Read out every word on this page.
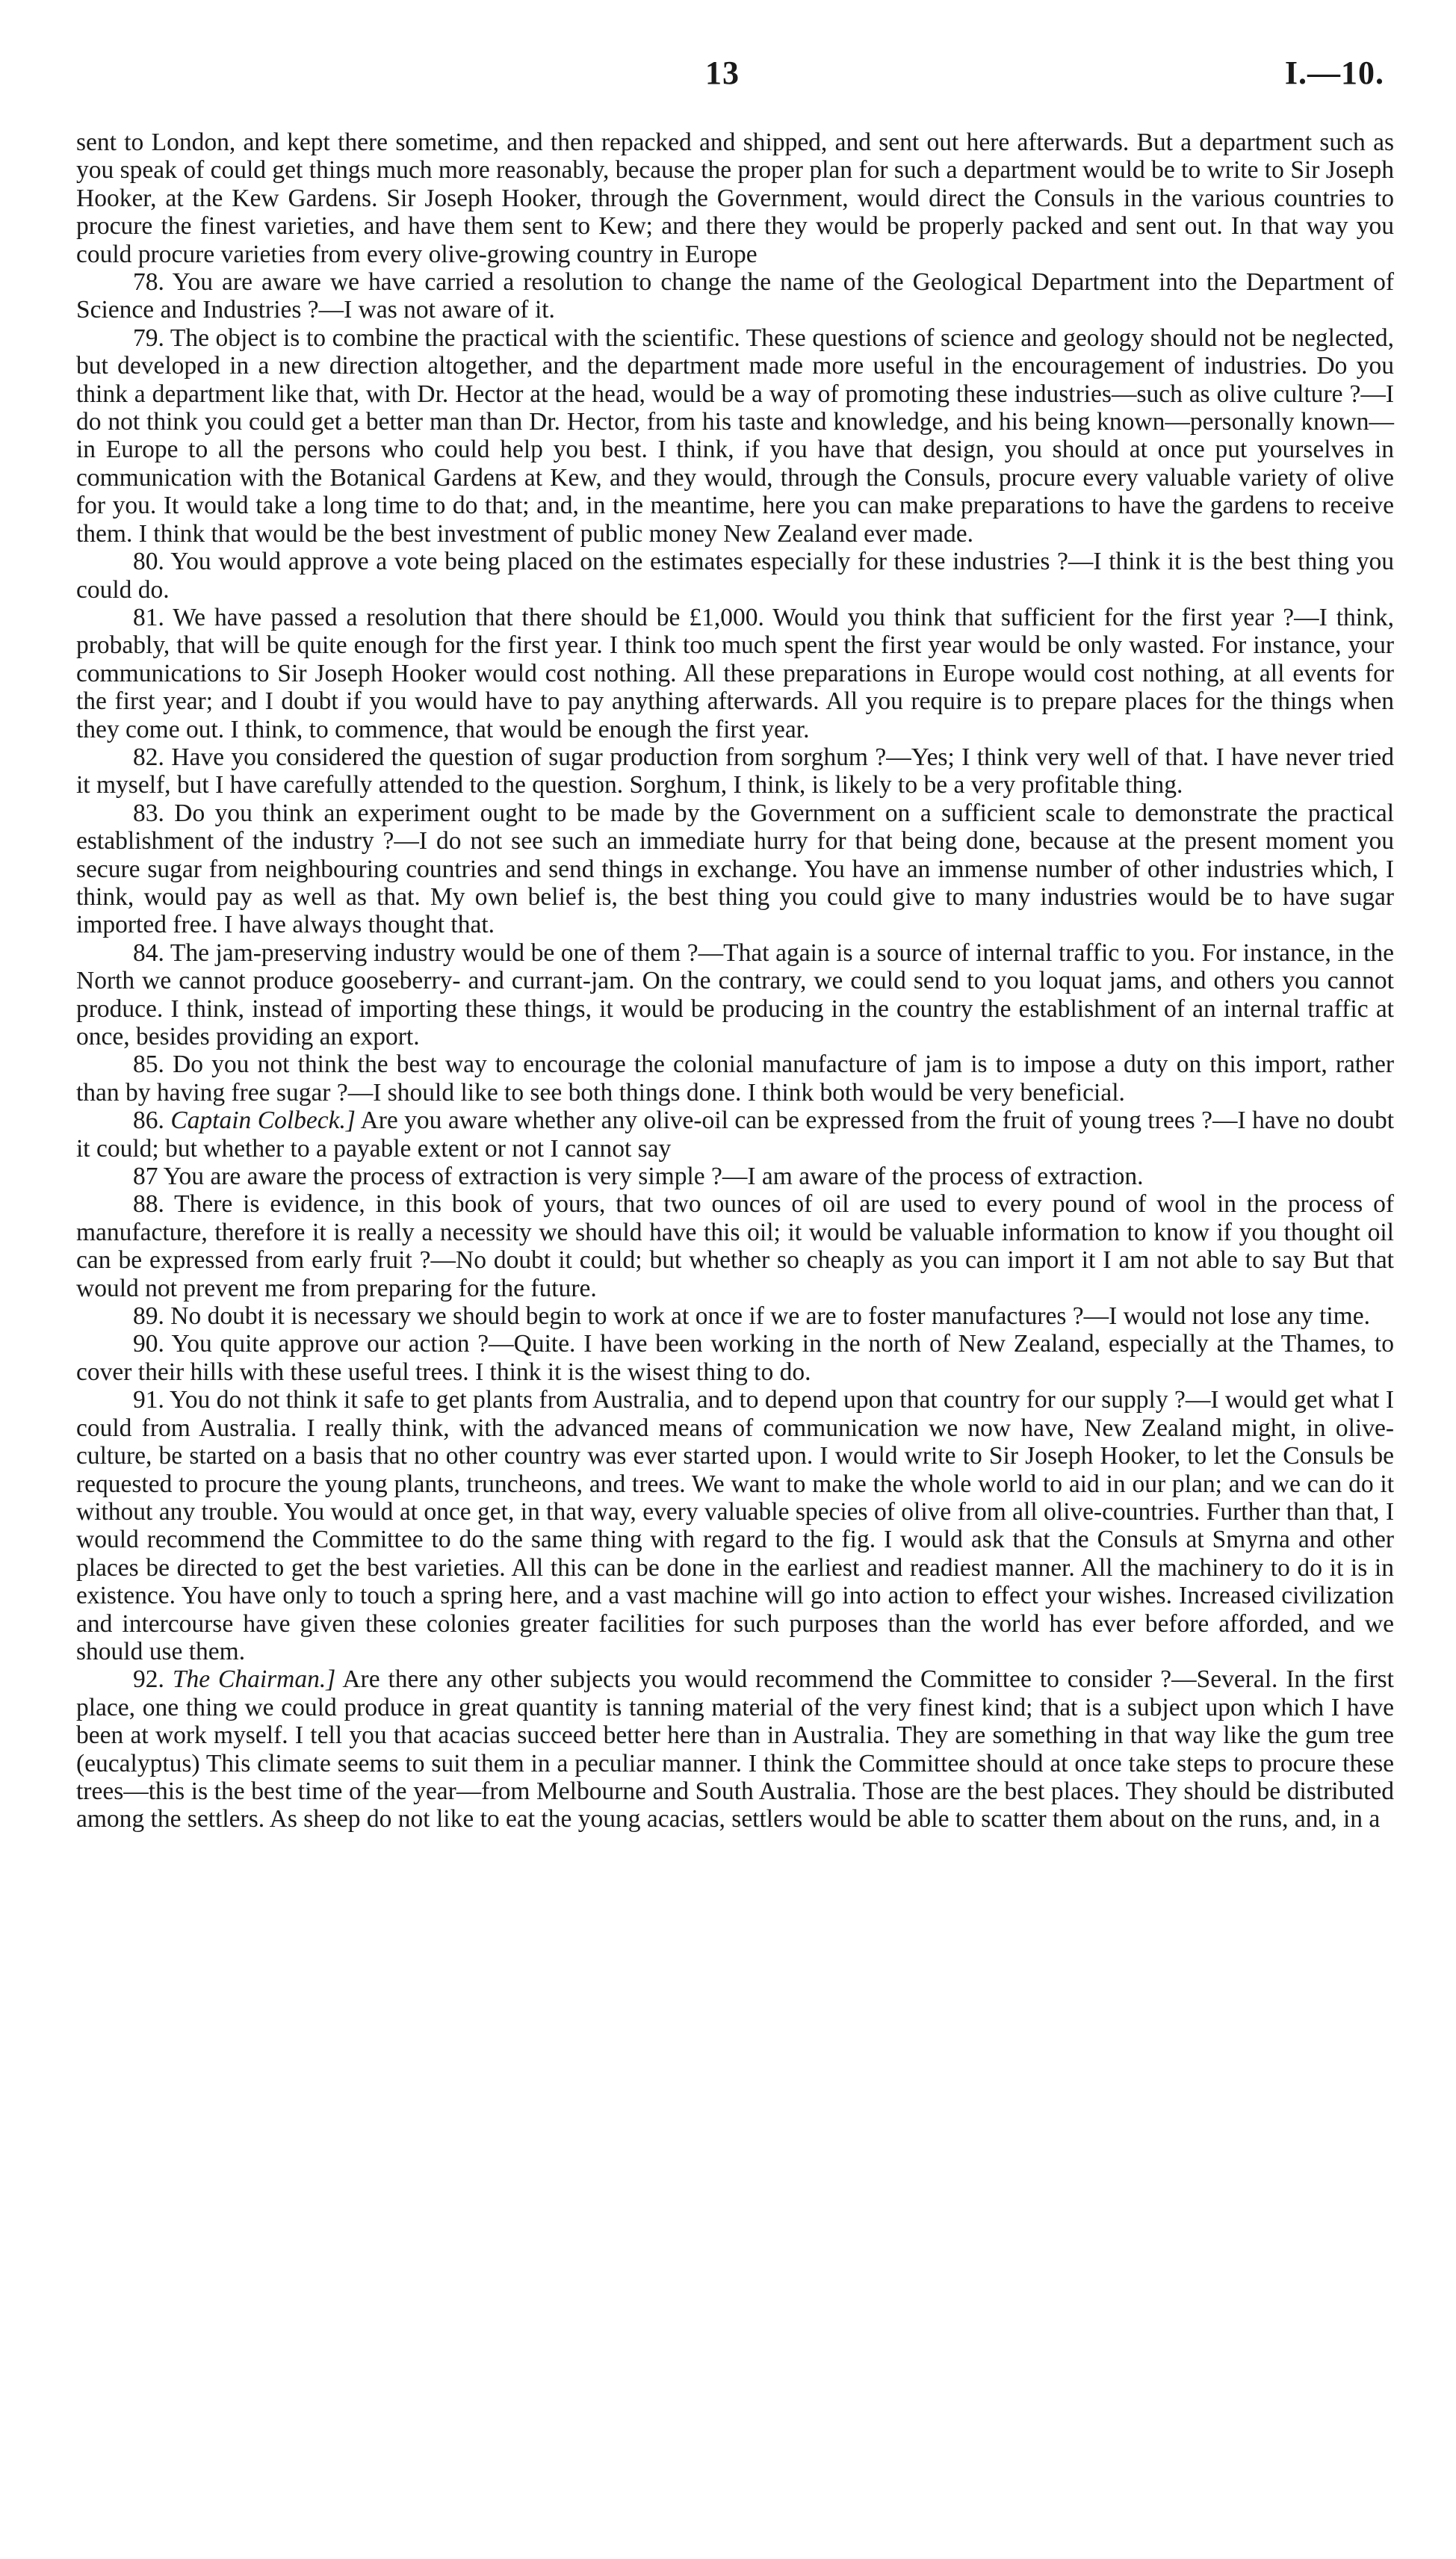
13	I.—10.

sent to London, and kept there sometime, and then repacked and shipped, and sent out here afterwards. But a department such as you speak of could get things much more reasonably, because the proper plan for such a department would be to write to Sir Joseph Hooker, at the Kew Gardens. Sir Joseph Hooker, through the Government, would direct the Consuls in the various countries to procure the finest varieties, and have them sent to Kew; and there they would be properly packed and sent out. In that way you could procure varieties from every olive-growing country in Europe

78. You are aware we have carried a resolution to change the name of the Geological Department into the Department of Science and Industries ?—I was not aware of it.

79. The object is to combine the practical with the scientific. These questions of science and geology should not be neglected, but developed in a new direction altogether, and the department made more useful in the encouragement of industries. Do you think a department like that, with Dr. Hector at the head, would be a way of promoting these industries—such as olive culture ?—I do not think you could get a better man than Dr. Hector, from his taste and knowledge, and his being known—personally known—in Europe to all the persons who could help you best. I think, if you have that design, you should at once put yourselves in communication with the Botanical Gardens at Kew, and they would, through the Consuls, procure every valuable variety of olive for you. It would take a long time to do that; and, in the meantime, here you can make preparations to have the gardens to receive them. I think that would be the best investment of public money New Zealand ever made.

80. You would approve a vote being placed on the estimates especially for these industries ?—I think it is the best thing you could do.

81. We have passed a resolution that there should be £1,000. Would you think that sufficient for the first year ?—I think, probably, that will be quite enough for the first year. I think too much spent the first year would be only wasted. For instance, your communications to Sir Joseph Hooker would cost nothing. All these preparations in Europe would cost nothing, at all events for the first year; and I doubt if you would have to pay anything afterwards. All you require is to prepare places for the things when they come out. I think, to commence, that would be enough the first year.

82. Have you considered the question of sugar production from sorghum ?—Yes; I think very well of that. I have never tried it myself, but I have carefully attended to the question. Sorghum, I think, is likely to be a very profitable thing.

83. Do you think an experiment ought to be made by the Government on a sufficient scale to demonstrate the practical establishment of the industry ?—I do not see such an immediate hurry for that being done, because at the present moment you secure sugar from neighbouring countries and send things in exchange. You have an immense number of other industries which, I think, would pay as well as that. My own belief is, the best thing you could give to many industries would be to have sugar imported free. I have always thought that.

84. The jam-preserving industry would be one of them ?—That again is a source of internal traffic to you. For instance, in the North we cannot produce gooseberry- and currant-jam. On the contrary, we could send to you loquat jams, and others you cannot produce. I think, instead of importing these things, it would be producing in the country the establishment of an internal traffic at once, besides providing an export.

85. Do you not think the best way to encourage the colonial manufacture of jam is to impose a duty on this import, rather than by having free sugar ?—I should like to see both things done. I think both would be very beneficial.

86. Captain Colbeck.] Are you aware whether any olive-oil can be expressed from the fruit of young trees ?—I have no doubt it could; but whether to a payable extent or not I cannot say

87 You are aware the process of extraction is very simple ?—I am aware of the process of extraction.

88. There is evidence, in this book of yours, that two ounces of oil are used to every pound of wool in the process of manufacture, therefore it is really a necessity we should have this oil; it would be valuable information to know if you thought oil can be expressed from early fruit ?—No doubt it could; but whether so cheaply as you can import it I am not able to say But that would not prevent me from preparing for the future.

89. No doubt it is necessary we should begin to work at once if we are to foster manufactures ?—I would not lose any time.

90. You quite approve our action ?—Quite. I have been working in the north of New Zealand, especially at the Thames, to cover their hills with these useful trees. I think it is the wisest thing to do.

91. You do not think it safe to get plants from Australia, and to depend upon that country for our supply ?—I would get what I could from Australia. I really think, with the advanced means of communication we now have, New Zealand might, in olive-culture, be started on a basis that no other country was ever started upon. I would write to Sir Joseph Hooker, to let the Consuls be requested to procure the young plants, truncheons, and trees. We want to make the whole world to aid in our plan; and we can do it without any trouble. You would at once get, in that way, every valuable species of olive from all olive-countries. Further than that, I would recommend the Committee to do the same thing with regard to the fig. I would ask that the Consuls at Smyrna and other places be directed to get the best varieties. All this can be done in the earliest and readiest manner. All the machinery to do it is in existence. You have only to touch a spring here, and a vast machine will go into action to effect your wishes. Increased civilization and intercourse have given these colonies greater facilities for such purposes than the world has ever before afforded, and we should use them.

92. The Chairman.] Are there any other subjects you would recommend the Committee to consider ?—Several. In the first place, one thing we could produce in great quantity is tanning material of the very finest kind; that is a subject upon which I have been at work myself. I tell you that acacias succeed better here than in Australia. They are something in that way like the gum tree (eucalyptus) This climate seems to suit them in a peculiar manner. I think the Committee should at once take steps to procure these trees—this is the best time of the year—from Melbourne and South Australia. Those are the best places. They should be distributed among the settlers. As sheep do not like to eat the young acacias, settlers would be able to scatter them about on the runs, and, in a
